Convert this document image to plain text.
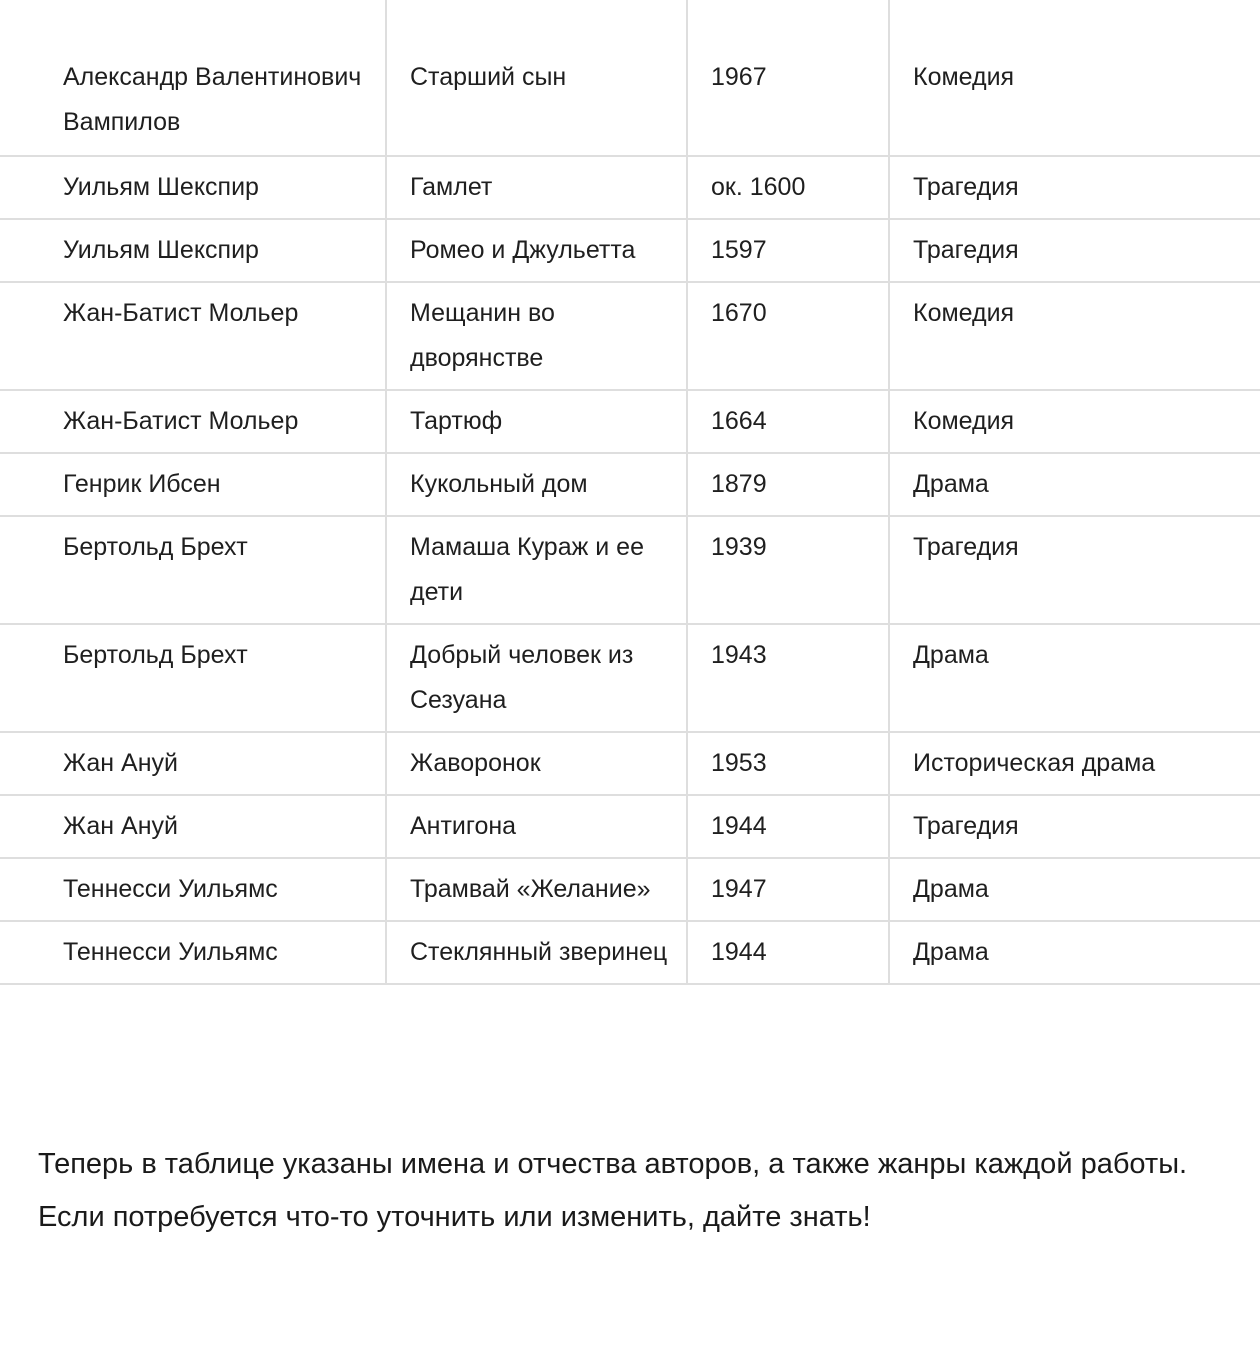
Александр Валентинович Вампилов	Старший сын	1967	Комедия
Уильям Шекспир	Гамлет	ок. 1600	Трагедия
Уильям Шекспир	Ромео и Джульетта	1597	Трагедия
Жан-Батист Мольер	Мещанин во дворянстве	1670	Комедия
Жан-Батист Мольер	Тартюф	1664	Комедия
Генрик Ибсен	Кукольный дом	1879	Драма
Бертольд Брехт	Мамаша Кураж и ее дети	1939	Трагедия
Бертольд Брехт	Добрый человек из Сезуана	1943	Драма
Жан Ануй	Жаворонок	1953	Историческая драма
Жан Ануй	Антигона	1944	Трагедия
Теннесси Уильямс	Трамвай «Желание»	1947	Драма
Теннесси Уильямс	Стеклянный зверинец	1944	Драма

Теперь в таблице указаны имена и отчества авторов, а также жанры каждой работы. Если потребуется что-то уточнить или изменить, дайте знать!
